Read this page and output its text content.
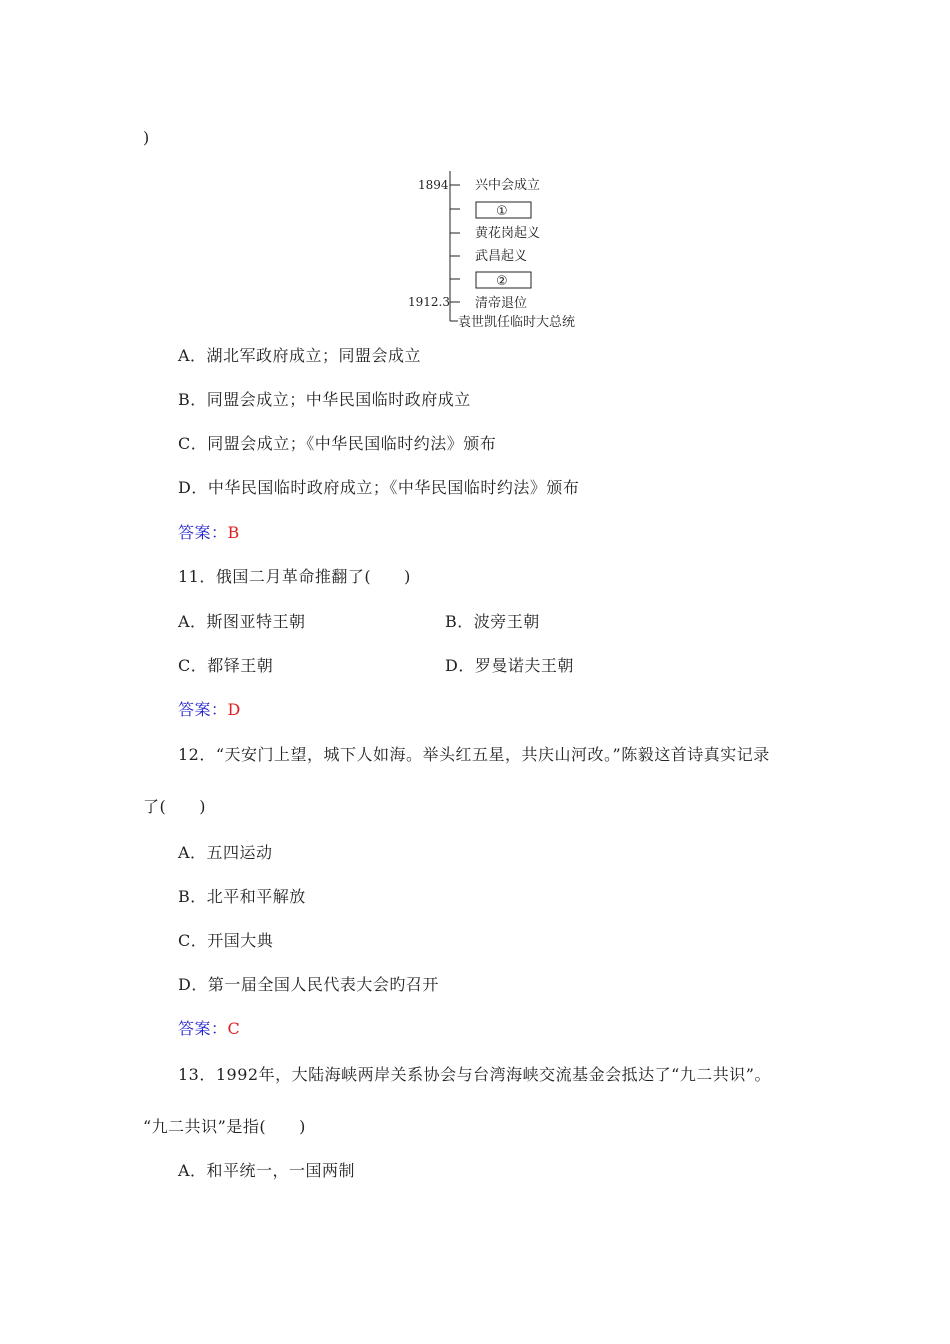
)
1894
1912.3
兴中会成立
①
黄花岗起义
武昌起义
②
清帝退位
袁世凯任临时大总统
A．湖北军政府成立；同盟会成立
B．同盟会成立；中华民国临时政府成立
C．同盟会成立；《中华民国临时约法》颁布
D．中华民国临时政府成立；《中华民国临时约法》颁布
答案：B
11．俄国二月革命推翻了(　　)
A．斯图亚特王朝	B．波旁王朝
C．都铎王朝	D．罗曼诺夫王朝
答案：D
12．“天安门上望，城下人如海。举头红五星，共庆山河改。”陈毅这首诗真实记录
了(　　)
A．五四运动
B．北平和平解放
C．开国大典
D．第一届全国人民代表大会旳召开
答案：C
13．1992年，大陆海峡两岸关系协会与台湾海峡交流基金会抵达了“九二共识”。
“九二共识”是指(　　)
A．和平统一，一国两制
